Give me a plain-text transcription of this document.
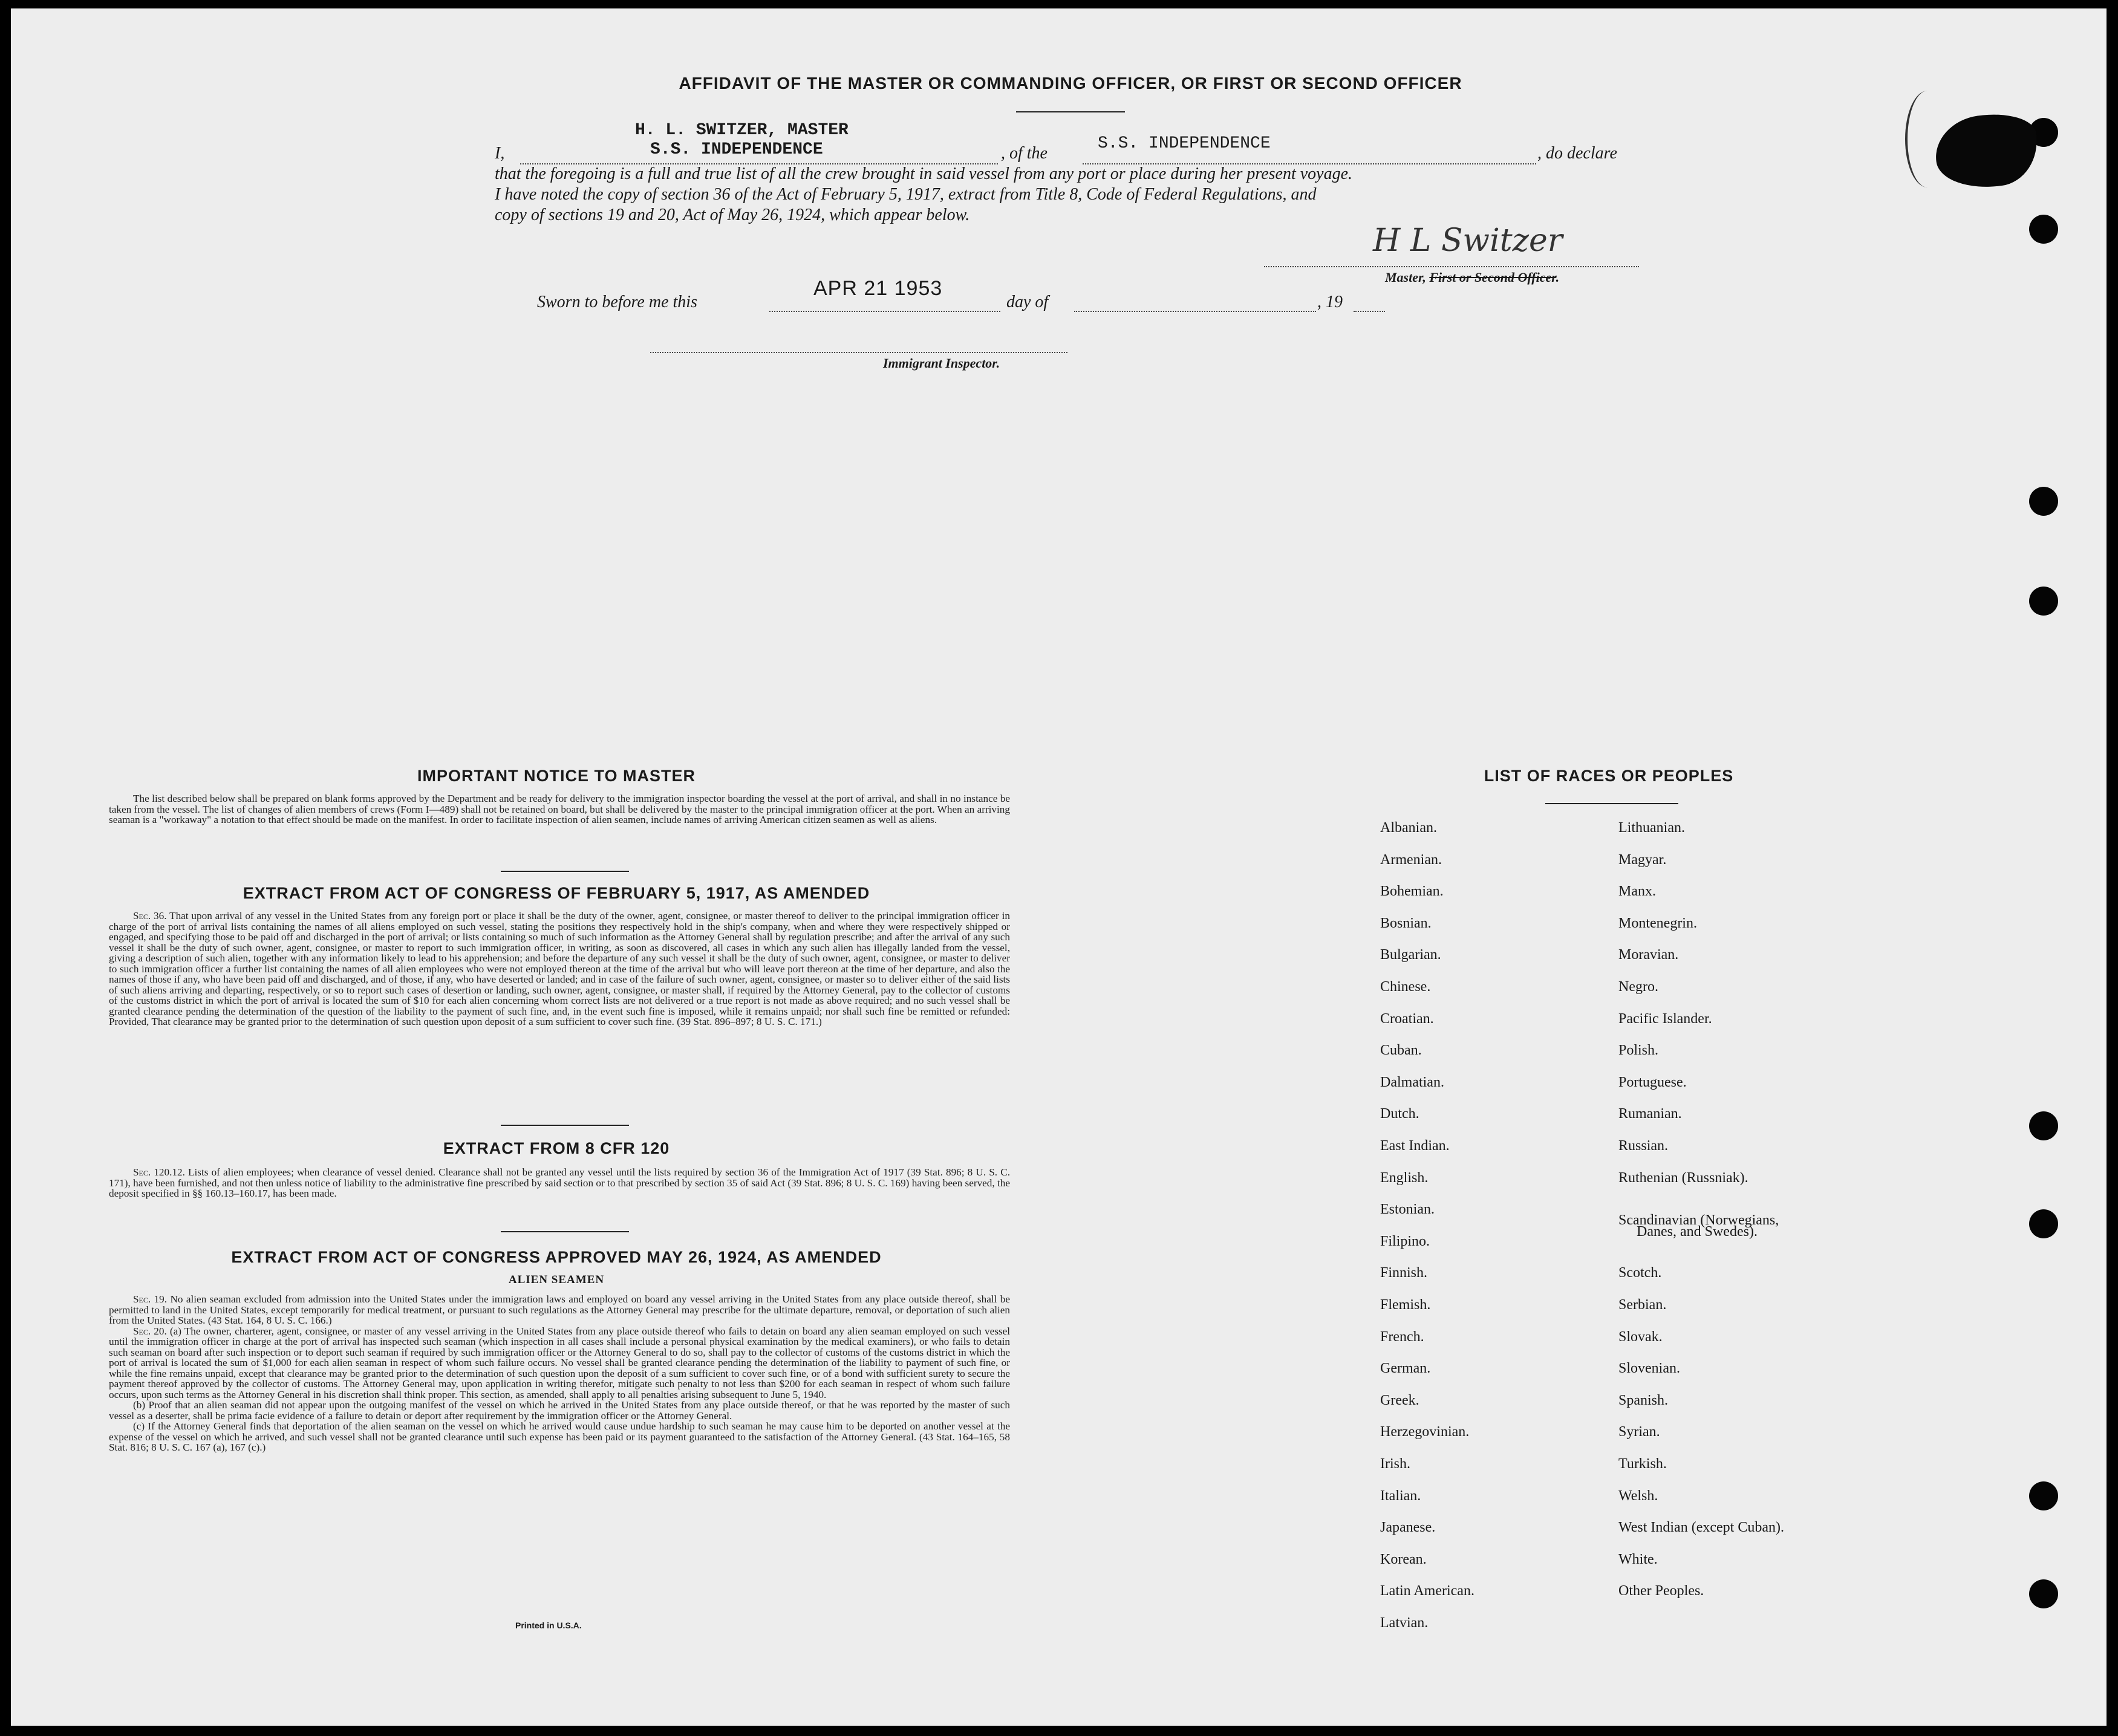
AFFIDAVIT OF THE MASTER OR COMMANDING OFFICER, OR FIRST OR SECOND OFFICER
I,
H. L. SWITZER, MASTER
S.S. INDEPENDENCE	, of the
S.S. INDEPENDENCE
, do declare
that the foregoing is a full and true list of all the crew brought in said vessel from any port or place during her present voyage.
I have noted the copy of section 36 of the Act of February 5, 1917, extract from Title 8, Code of Federal Regulations, and
copy of sections 19 and 20, Act of May 26, 1924, which appear below.
H L Switzer
Master, First or Second Officer.
Sworn to before me this
APR 21 1953
day of	, 19
Immigrant Inspector.
IMPORTANT NOTICE TO MASTER

The list described below shall be prepared on blank forms approved by the Department and be ready for delivery to the immigration inspector boarding the vessel at the port of arrival, and shall in no instance be taken from the vessel. The list of changes of alien members of crews (Form I—489) shall not be retained on board, but shall be delivered by the master to the principal immigration officer at the port. When an arriving seaman is a "workaway" a notation to that effect should be made on the manifest. In order to facilitate inspection of alien seamen, include names of arriving American citizen seamen as well as aliens.

EXTRACT FROM ACT OF CONGRESS OF FEBRUARY 5, 1917, AS AMENDED

Sec. 36. That upon arrival of any vessel in the United States from any foreign port or place it shall be the duty of the owner, agent, consignee, or master thereof to deliver to the principal immigration officer in charge of the port of arrival lists containing the names of all aliens employed on such vessel, stating the positions they respectively hold in the ship's company, when and where they were respectively shipped or engaged, and specifying those to be paid off and discharged in the port of arrival; or lists containing so much of such information as the Attorney General shall by regulation prescribe; and after the arrival of any such vessel it shall be the duty of such owner, agent, consignee, or master to report to such immigration officer, in writing, as soon as discovered, all cases in which any such alien has illegally landed from the vessel, giving a description of such alien, together with any information likely to lead to his apprehension; and before the departure of any such vessel it shall be the duty of such owner, agent, consignee, or master to deliver to such immigration officer a further list containing the names of all alien employees who were not employed thereon at the time of the arrival but who will leave port thereon at the time of her departure, and also the names of those if any, who have been paid off and discharged, and of those, if any, who have deserted or landed; and in case of the failure of such owner, agent, consignee, or master so to deliver either of the said lists of such aliens arriving and departing, respectively, or so to report such cases of desertion or landing, such owner, agent, consignee, or master shall, if required by the Attorney General, pay to the collector of customs of the customs district in which the port of arrival is located the sum of $10 for each alien concerning whom correct lists are not delivered or a true report is not made as above required; and no such vessel shall be granted clearance pending the determination of the question of the liability to the payment of such fine, and, in the event such fine is imposed, while it remains unpaid; nor shall such fine be remitted or refunded: Provided, That clearance may be granted prior to the determination of such question upon deposit of a sum sufficient to cover such fine. (39 Stat. 896–897; 8 U. S. C. 171.)

EXTRACT FROM 8 CFR 120

Sec. 120.12. Lists of alien employees; when clearance of vessel denied. Clearance shall not be granted any vessel until the lists required by section 36 of the Immigration Act of 1917 (39 Stat. 896; 8 U. S. C. 171), have been furnished, and not then unless notice of liability to the administrative fine prescribed by said section or to that prescribed by section 35 of said Act (39 Stat. 896; 8 U. S. C. 169) having been served, the deposit specified in §§ 160.13–160.17, has been made.

EXTRACT FROM ACT OF CONGRESS APPROVED MAY 26, 1924, AS AMENDED
ALIEN SEAMEN

Sec. 19. No alien seaman excluded from admission into the United States under the immigration laws and employed on board any vessel arriving in the United States from any place outside thereof, shall be permitted to land in the United States, except temporarily for medical treatment, or pursuant to such regulations as the Attorney General may prescribe for the ultimate departure, removal, or deportation of such alien from the United States. (43 Stat. 164, 8 U. S. C. 166.)

Sec. 20. (a) The owner, charterer, agent, consignee, or master of any vessel arriving in the United States from any place outside thereof who fails to detain on board any alien seaman employed on such vessel until the immigration officer in charge at the port of arrival has inspected such seaman (which inspection in all cases shall include a personal physical examination by the medical examiners), or who fails to detain such seaman on board after such inspection or to deport such seaman if required by such immigration officer or the Attorney General to do so, shall pay to the collector of customs of the customs district in which the port of arrival is located the sum of $1,000 for each alien seaman in respect of whom such failure occurs. No vessel shall be granted clearance pending the determination of the liability to payment of such fine, or while the fine remains unpaid, except that clearance may be granted prior to the determination of such question upon the deposit of a sum sufficient to cover such fine, or of a bond with sufficient surety to secure the payment thereof approved by the collector of customs. The Attorney General may, upon application in writing therefor, mitigate such penalty to not less than $200 for each seaman in respect of whom such failure occurs, upon such terms as the Attorney General in his discretion shall think proper. This section, as amended, shall apply to all penalties arising subsequent to June 5, 1940.

(b) Proof that an alien seaman did not appear upon the outgoing manifest of the vessel on which he arrived in the United States from any place outside thereof, or that he was reported by the master of such vessel as a deserter, shall be prima facie evidence of a failure to detain or deport after requirement by the immigration officer or the Attorney General.

(c) If the Attorney General finds that deportation of the alien seaman on the vessel on which he arrived would cause undue hardship to such seaman he may cause him to be deported on another vessel at the expense of the vessel on which he arrived, and such vessel shall not be granted clearance until such expense has been paid or its payment guaranteed to the satisfaction of the Attorney General. (43 Stat. 164–165, 58 Stat. 816; 8 U. S. C. 167 (a), 167 (c).)

Printed in U.S.A.
LIST OF RACES OR PEOPLES
Albanian.
Armenian.
Bohemian.
Bosnian.
Bulgarian.
Chinese.
Croatian.
Cuban.
Dalmatian.
Dutch.
East Indian.
English.
Estonian.
Filipino.
Finnish.
Flemish.
French.
German.
Greek.
Herzegovinian.
Irish.
Italian.
Japanese.
Korean.
Latin American.
Latvian.
Lithuanian.
Magyar.
Manx.
Montenegrin.
Moravian.
Negro.
Pacific Islander.
Polish.
Portuguese.
Rumanian.
Russian.
Ruthenian (Russniak).
Scandinavian (Norwegians,
Scotch.
Serbian.
Slovak.
Slovenian.
Spanish.
Syrian.
Turkish.
Welsh.
West Indian (except Cuban).
White.
Other Peoples.
Danes, and Swedes).
